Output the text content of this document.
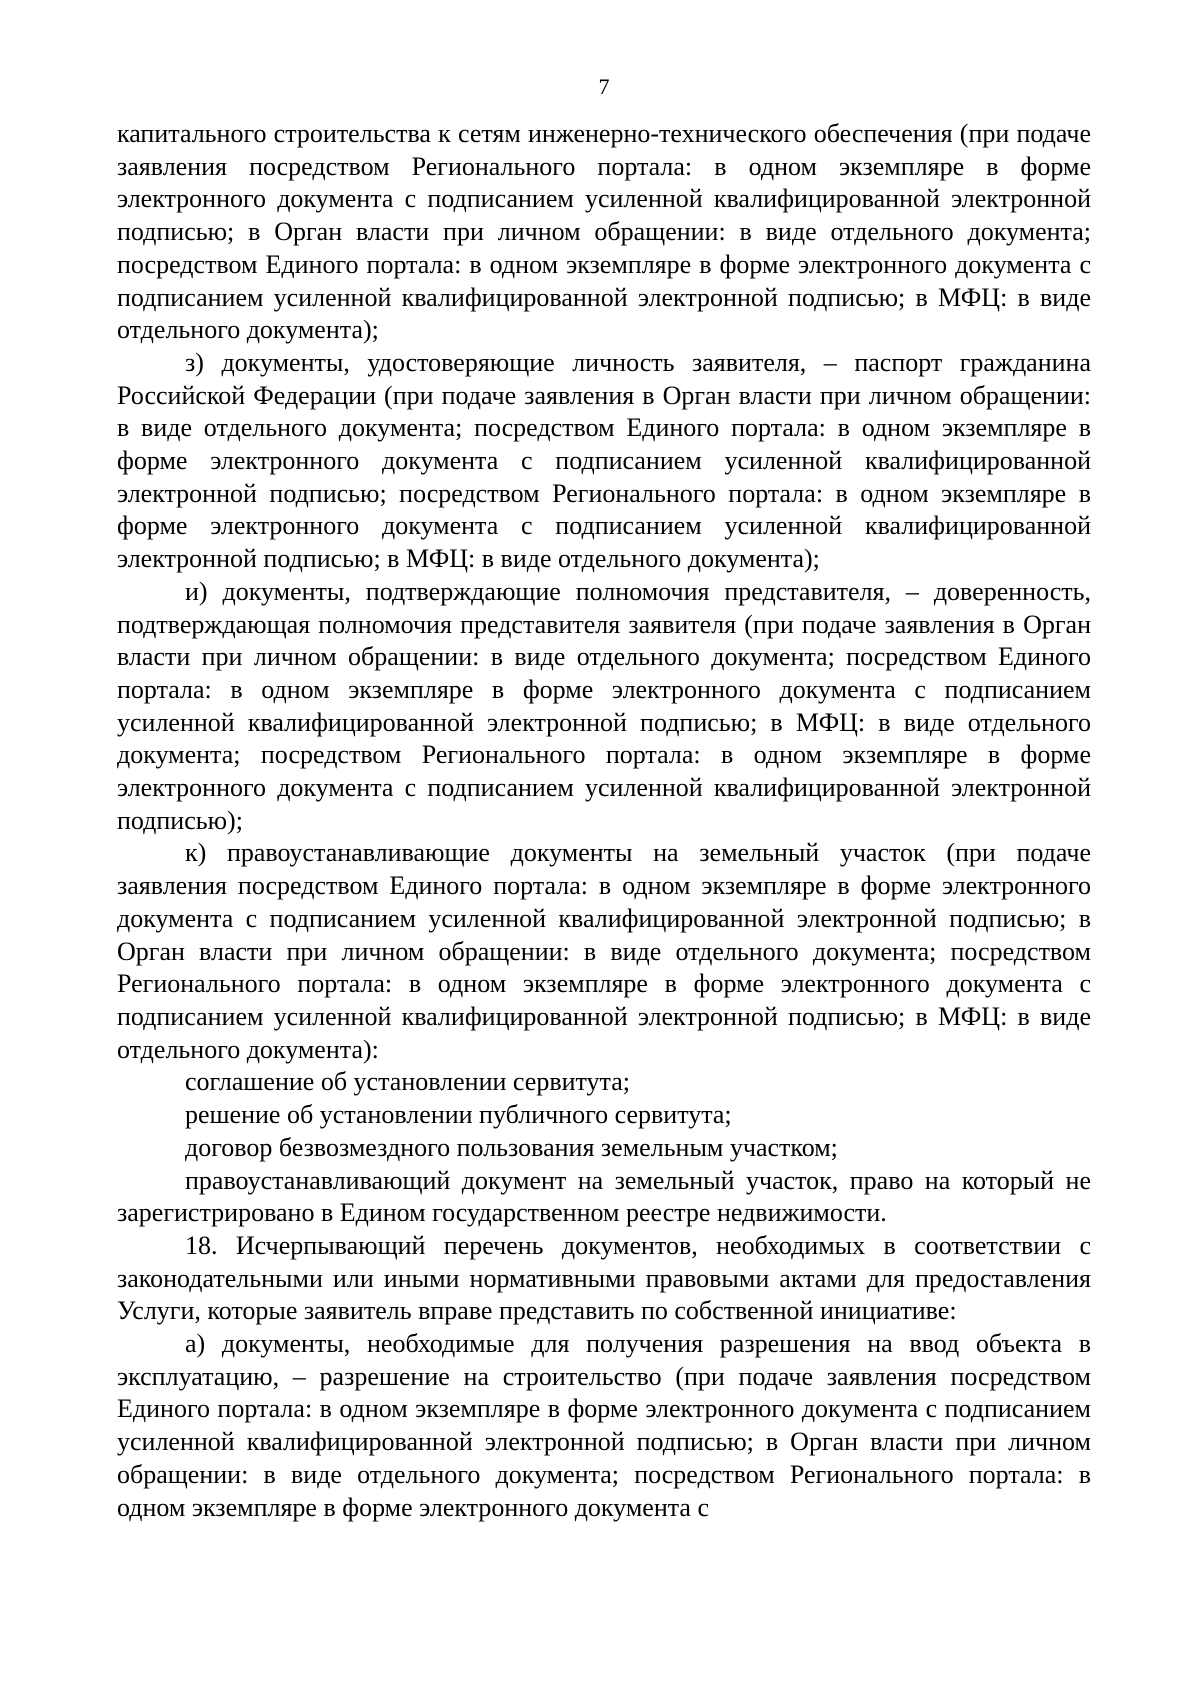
7

капитального строительства к сетям инженерно-технического обеспечения (при подаче заявления посредством Регионального портала: в одном экземпляре в форме электронного документа с подписанием усиленной квалифицированной электронной подписью; в Орган власти при личном обращении: в виде отдельного документа; посредством Единого портала: в одном экземпляре в форме электронного документа с подписанием усиленной квалифицированной электронной подписью; в МФЦ: в виде отдельного документа);

з) документы, удостоверяющие личность заявителя, – паспорт гражданина Российской Федерации (при подаче заявления в Орган власти при личном обращении: в виде отдельного документа; посредством Единого портала: в одном экземпляре в форме электронного документа с подписанием усиленной квалифицированной электронной подписью; посредством Регионального портала: в одном экземпляре в форме электронного документа с подписанием усиленной квалифицированной электронной подписью; в МФЦ: в виде отдельного документа);

и) документы, подтверждающие полномочия представителя, – доверенность, подтверждающая полномочия представителя заявителя (при подаче заявления в Орган власти при личном обращении: в виде отдельного документа; посредством Единого портала: в одном экземпляре в форме электронного документа с подписанием усиленной квалифицированной электронной подписью; в МФЦ: в виде отдельного документа; посредством Регионального портала: в одном экземпляре в форме электронного документа с подписанием усиленной квалифицированной электронной подписью);

к) правоустанавливающие документы на земельный участок (при подаче заявления посредством Единого портала: в одном экземпляре в форме электронного документа с подписанием усиленной квалифицированной электронной подписью; в Орган власти при личном обращении: в виде отдельного документа; посредством Регионального портала: в одном экземпляре в форме электронного документа с подписанием усиленной квалифицированной электронной подписью; в МФЦ: в виде отдельного документа):

соглашение об установлении сервитута;

решение об установлении публичного сервитута;

договор безвозмездного пользования земельным участком;

правоустанавливающий документ на земельный участок, право на который не зарегистрировано в Едином государственном реестре недвижимости.

18. Исчерпывающий перечень документов, необходимых в соответствии с законодательными или иными нормативными правовыми актами для предоставления Услуги, которые заявитель вправе представить по собственной инициативе:

а) документы, необходимые для получения разрешения на ввод объекта в эксплуатацию, – разрешение на строительство (при подаче заявления посредством Единого портала: в одном экземпляре в форме электронного документа с подписанием усиленной квалифицированной электронной подписью; в Орган власти при личном обращении: в виде отдельного документа; посредством Регионального портала: в одном экземпляре в форме электронного документа с
